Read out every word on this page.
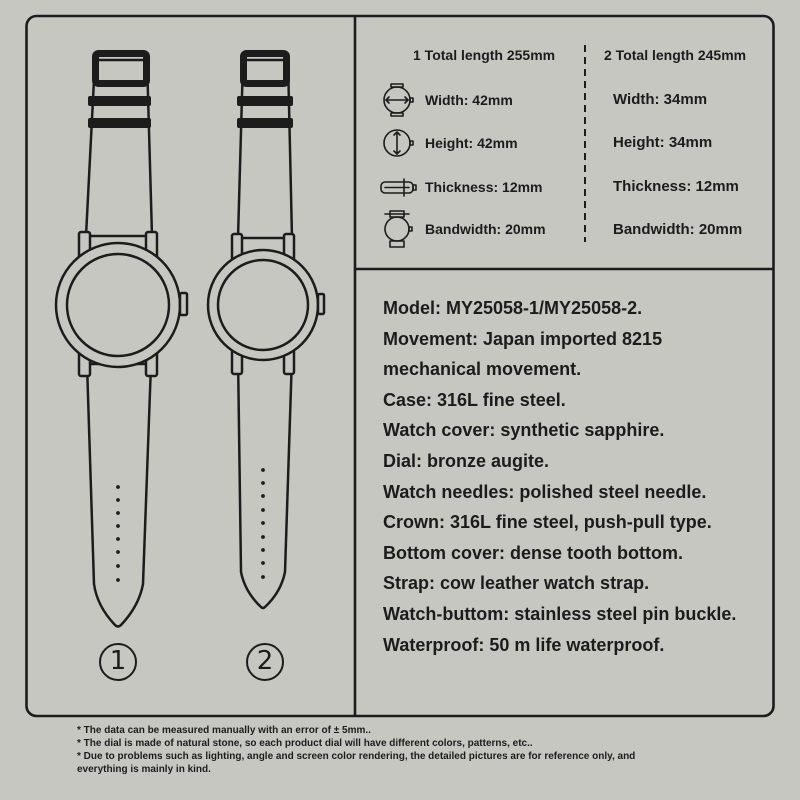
1	2
1 Total length 255mm
Width: 42mm
Height: 42mm
Thickness: 12mm
Bandwidth: 20mm
2 Total length 245mm
Width: 34mm
Height: 34mm
Thickness: 12mm
Bandwidth: 20mm
Model: MY25058-1/MY25058-2.
Movement: Japan imported 8215
mechanical movement.
Case: 316L fine steel.
Watch cover: synthetic sapphire.
Dial: bronze augite.
Watch needles: polished steel needle.
Crown: 316L fine steel, push-pull type.
Bottom cover: dense tooth bottom.
Strap: cow leather watch strap.
Watch-buttom: stainless steel pin buckle.
Waterproof: 50 m life waterproof.
* The data can be measured manually with an error of ± 5mm..
* The dial is made of natural stone, so each product dial will have different colors, patterns, etc..
* Due to problems such as lighting, angle and screen color rendering, the detailed pictures are for reference only, and
everything is mainly in kind.
